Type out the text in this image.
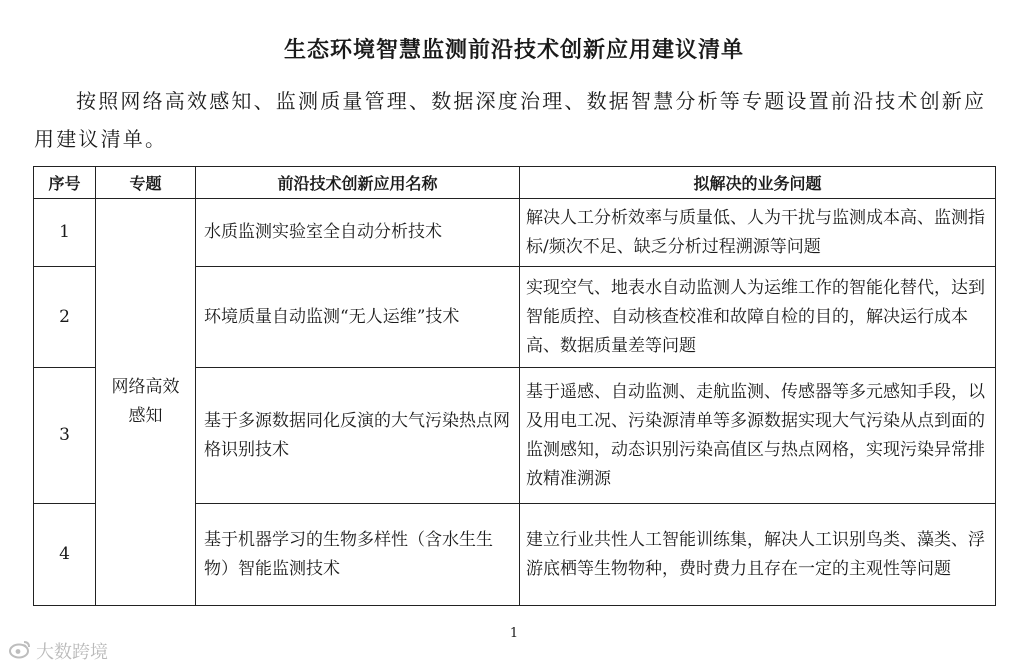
生态环境智慧监测前沿技术创新应用建议清单
按照网络高效感知、监测质量管理、数据深度治理、数据智慧分析等专题设置前沿技术创新应用建议清单。
序号	专题	前沿技术创新应用名称	拟解决的业务问题
1	网络高效感知	水质监测实验室全自动分析技术	解决人工分析效率与质量低、人为干扰与监测成本高、监测指标/频次不足、缺乏分析过程溯源等问题
2		环境质量自动监测“无人运维”技术	实现空气、地表水自动监测人为运维工作的智能化替代，达到智能质控、自动核查校准和故障自检的目的，解决运行成本高、数据质量差等问题
3		基于多源数据同化反演的大气污染热点网格识别技术	基于遥感、自动监测、走航监测、传感器等多元感知手段，以及用电工况、污染源清单等多源数据实现大气污染从点到面的监测感知，动态识别污染高值区与热点网格，实现污染异常排放精准溯源
4		基于机器学习的生物多样性（含水生生物）智能监测技术	建立行业共性人工智能训练集，解决人工识别鸟类、藻类、浮游底栖等生物物种，费时费力且存在一定的主观性等问题
1
大数跨境
